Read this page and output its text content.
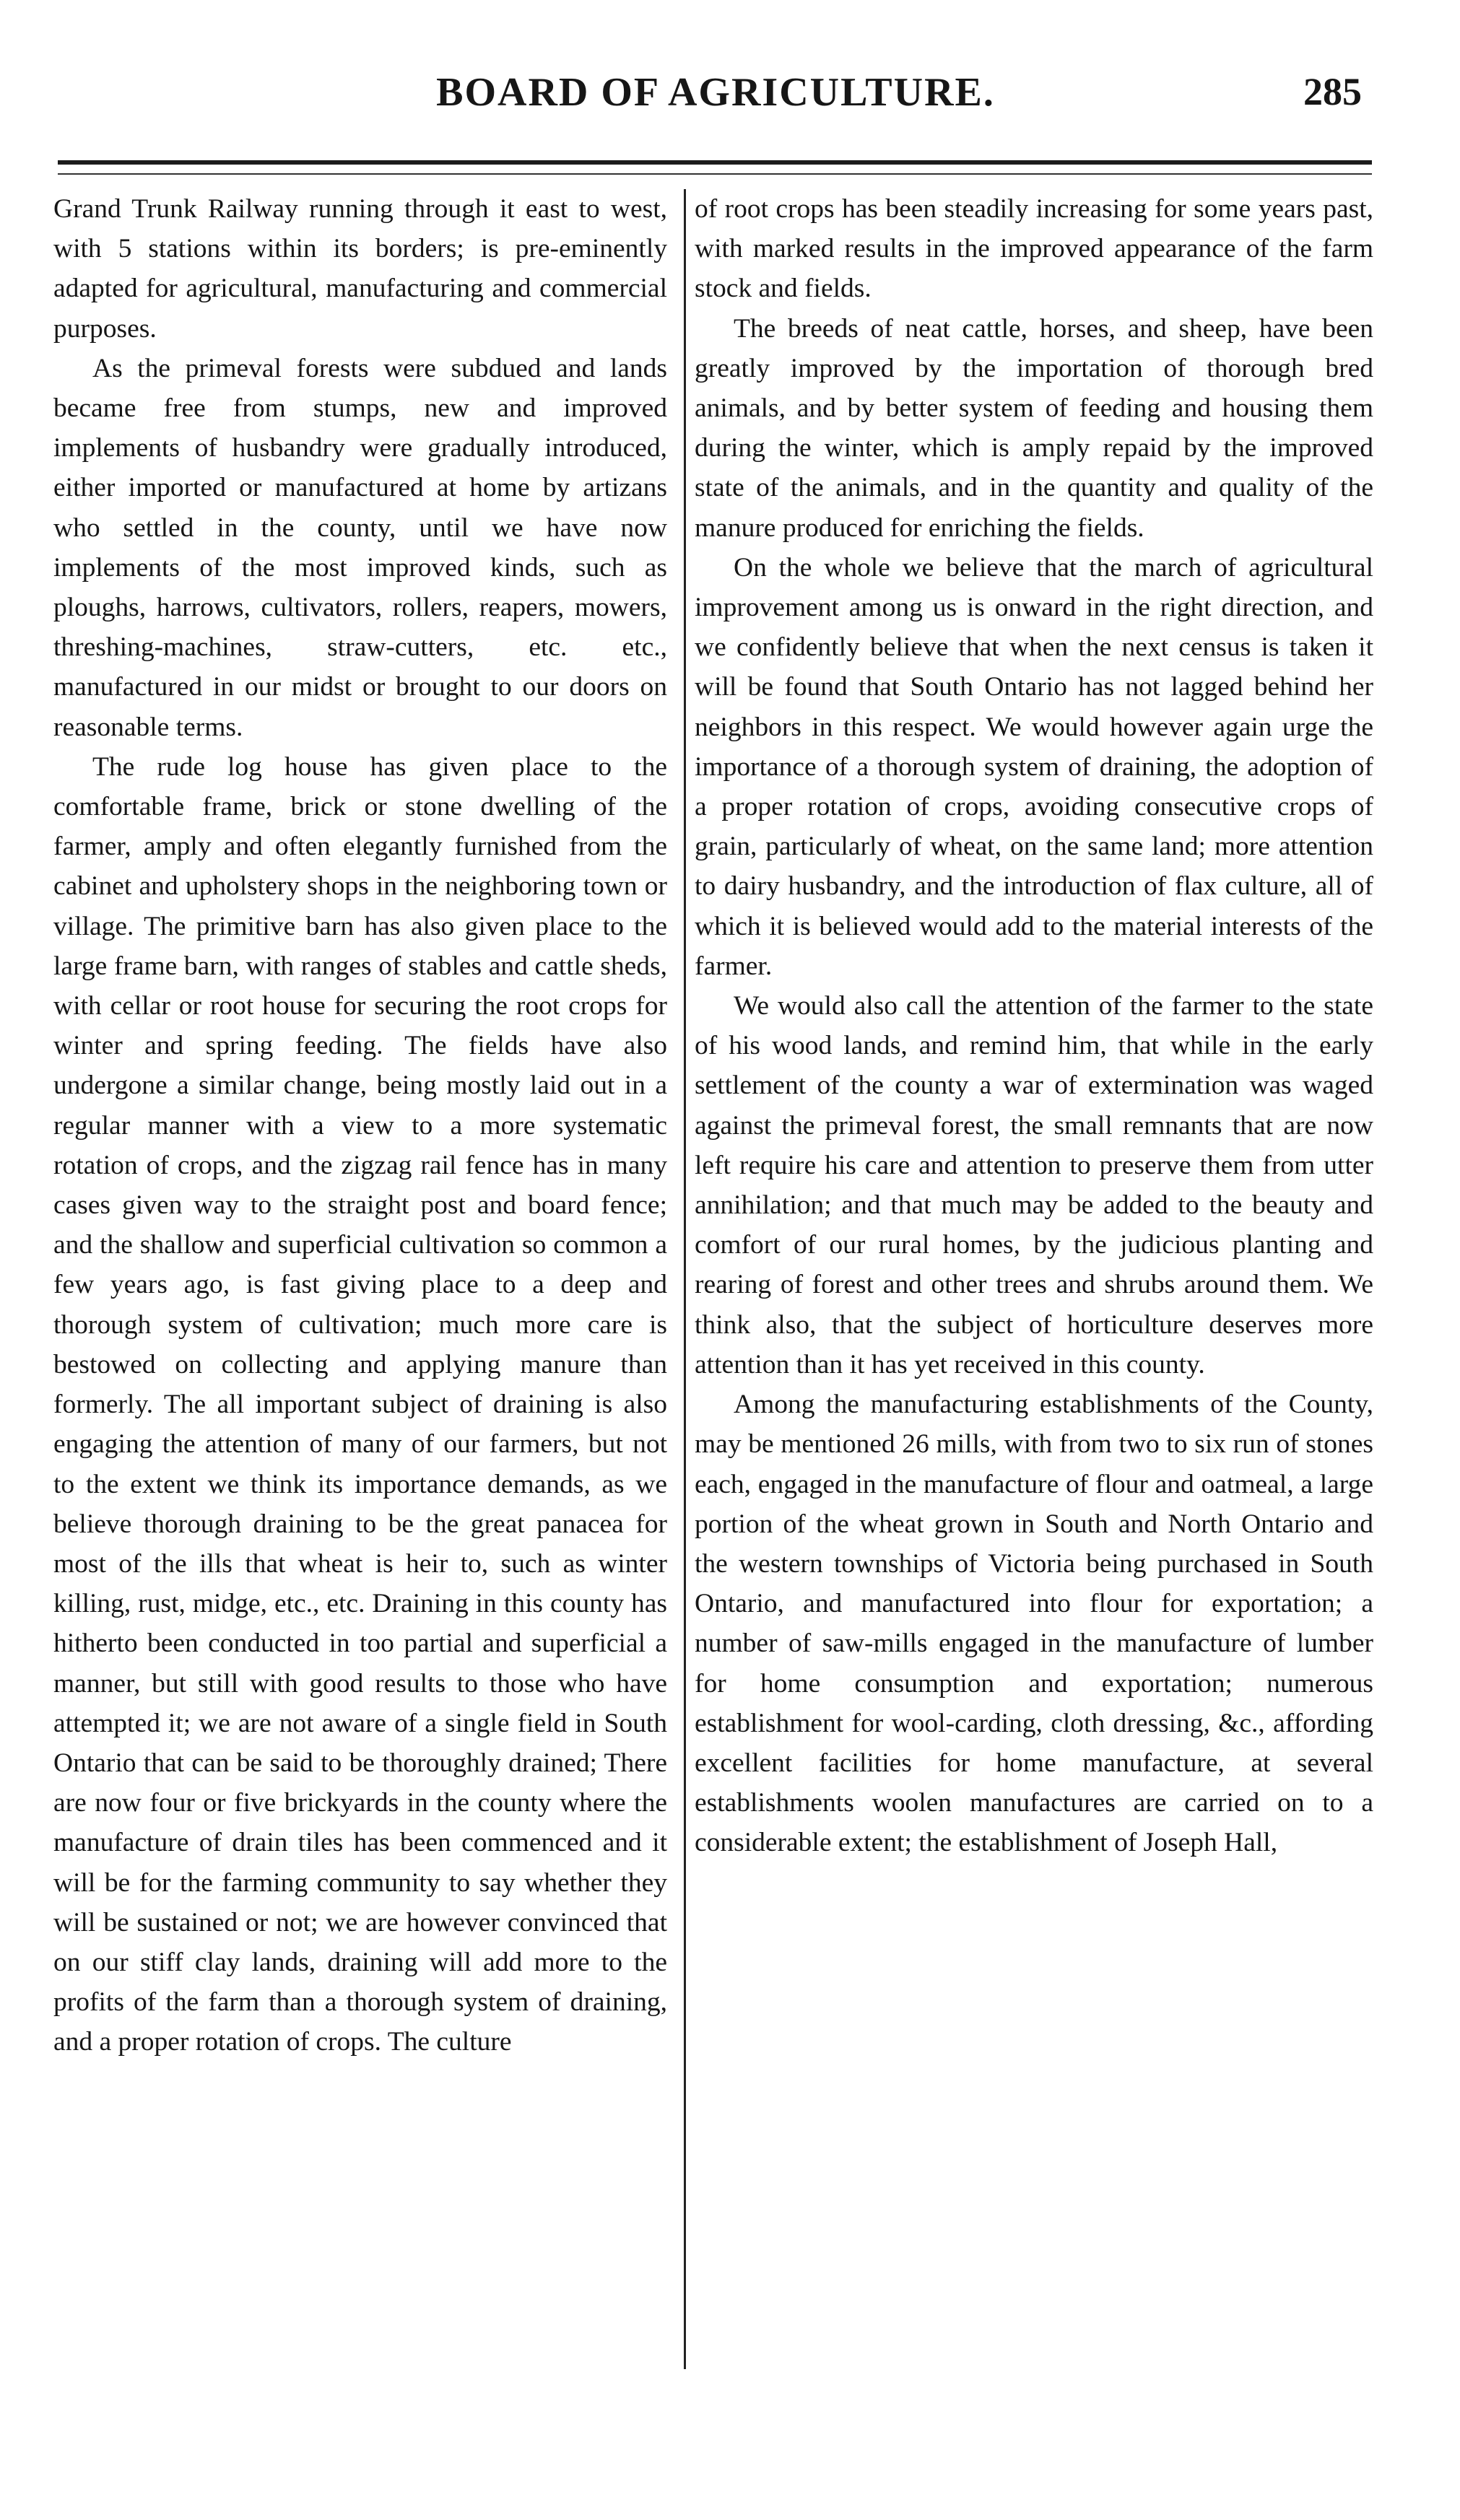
BOARD OF AGRICULTURE.	285

Grand Trunk Railway running through it east to west, with 5 stations within its borders; is pre-eminently adapted for agricultural, manufacturing and commercial purposes.

As the primeval forests were subdued and lands became free from stumps, new and improved implements of husbandry were gradually introduced, either imported or manufactured at home by artizans who settled in the county, until we have now implements of the most improved kinds, such as ploughs, harrows, cultivators, rollers, reapers, mowers, threshing-machines, straw-cutters, etc. etc., manufactured in our midst or brought to our doors on reasonable terms.

The rude log house has given place to the comfortable frame, brick or stone dwelling of the farmer, amply and often elegantly furnished from the cabinet and upholstery shops in the neighboring town or village. The primitive barn has also given place to the large frame barn, with ranges of stables and cattle sheds, with cellar or root house for securing the root crops for winter and spring feeding. The fields have also undergone a similar change, being mostly laid out in a regular manner with a view to a more systematic rotation of crops, and the zigzag rail fence has in many cases given way to the straight post and board fence; and the shallow and superficial cultivation so common a few years ago, is fast giving place to a deep and thorough system of cultivation; much more care is bestowed on collecting and applying manure than formerly. The all important subject of draining is also engaging the attention of many of our farmers, but not to the extent we think its importance demands, as we believe thorough draining to be the great panacea for most of the ills that wheat is heir to, such as winter killing, rust, midge, etc., etc. Draining in this county has hitherto been conducted in too partial and superficial a manner, but still with good results to those who have attempted it; we are not aware of a single field in South Ontario that can be said to be thoroughly drained; There are now four or five brickyards in the county where the manufacture of drain tiles has been commenced and it will be for the farming community to say whether they will be sustained or not; we are however convinced that on our stiff clay lands, draining will add more to the profits of the farm than a thorough system of draining, and a proper rotation of crops. The culture

of root crops has been steadily increasing for some years past, with marked results in the improved appearance of the farm stock and fields.

The breeds of neat cattle, horses, and sheep, have been greatly improved by the importation of thorough bred animals, and by better system of feeding and housing them during the winter, which is amply repaid by the improved state of the animals, and in the quantity and quality of the manure produced for enriching the fields.

On the whole we believe that the march of agricultural improvement among us is onward in the right direction, and we confidently believe that when the next census is taken it will be found that South Ontario has not lagged behind her neighbors in this respect. We would however again urge the importance of a thorough system of draining, the adoption of a proper rotation of crops, avoiding consecutive crops of grain, particularly of wheat, on the same land; more attention to dairy husbandry, and the introduction of flax culture, all of which it is believed would add to the material interests of the farmer.

We would also call the attention of the farmer to the state of his wood lands, and remind him, that while in the early settlement of the county a war of extermination was waged against the primeval forest, the small remnants that are now left require his care and attention to preserve them from utter annihilation; and that much may be added to the beauty and comfort of our rural homes, by the judicious planting and rearing of forest and other trees and shrubs around them. We think also, that the subject of horticulture deserves more attention than it has yet received in this county.

Among the manufacturing establishments of the County, may be mentioned 26 mills, with from two to six run of stones each, engaged in the manufacture of flour and oatmeal, a large portion of the wheat grown in South and North Ontario and the western townships of Victoria being purchased in South Ontario, and manufactured into flour for exportation; a number of saw-mills engaged in the manufacture of lumber for home consumption and exportation; numerous establishment for wool-carding, cloth dressing, &c., affording excellent facilities for home manufacture, at several establishments woolen manufactures are carried on to a considerable extent; the establishment of Joseph Hall,
